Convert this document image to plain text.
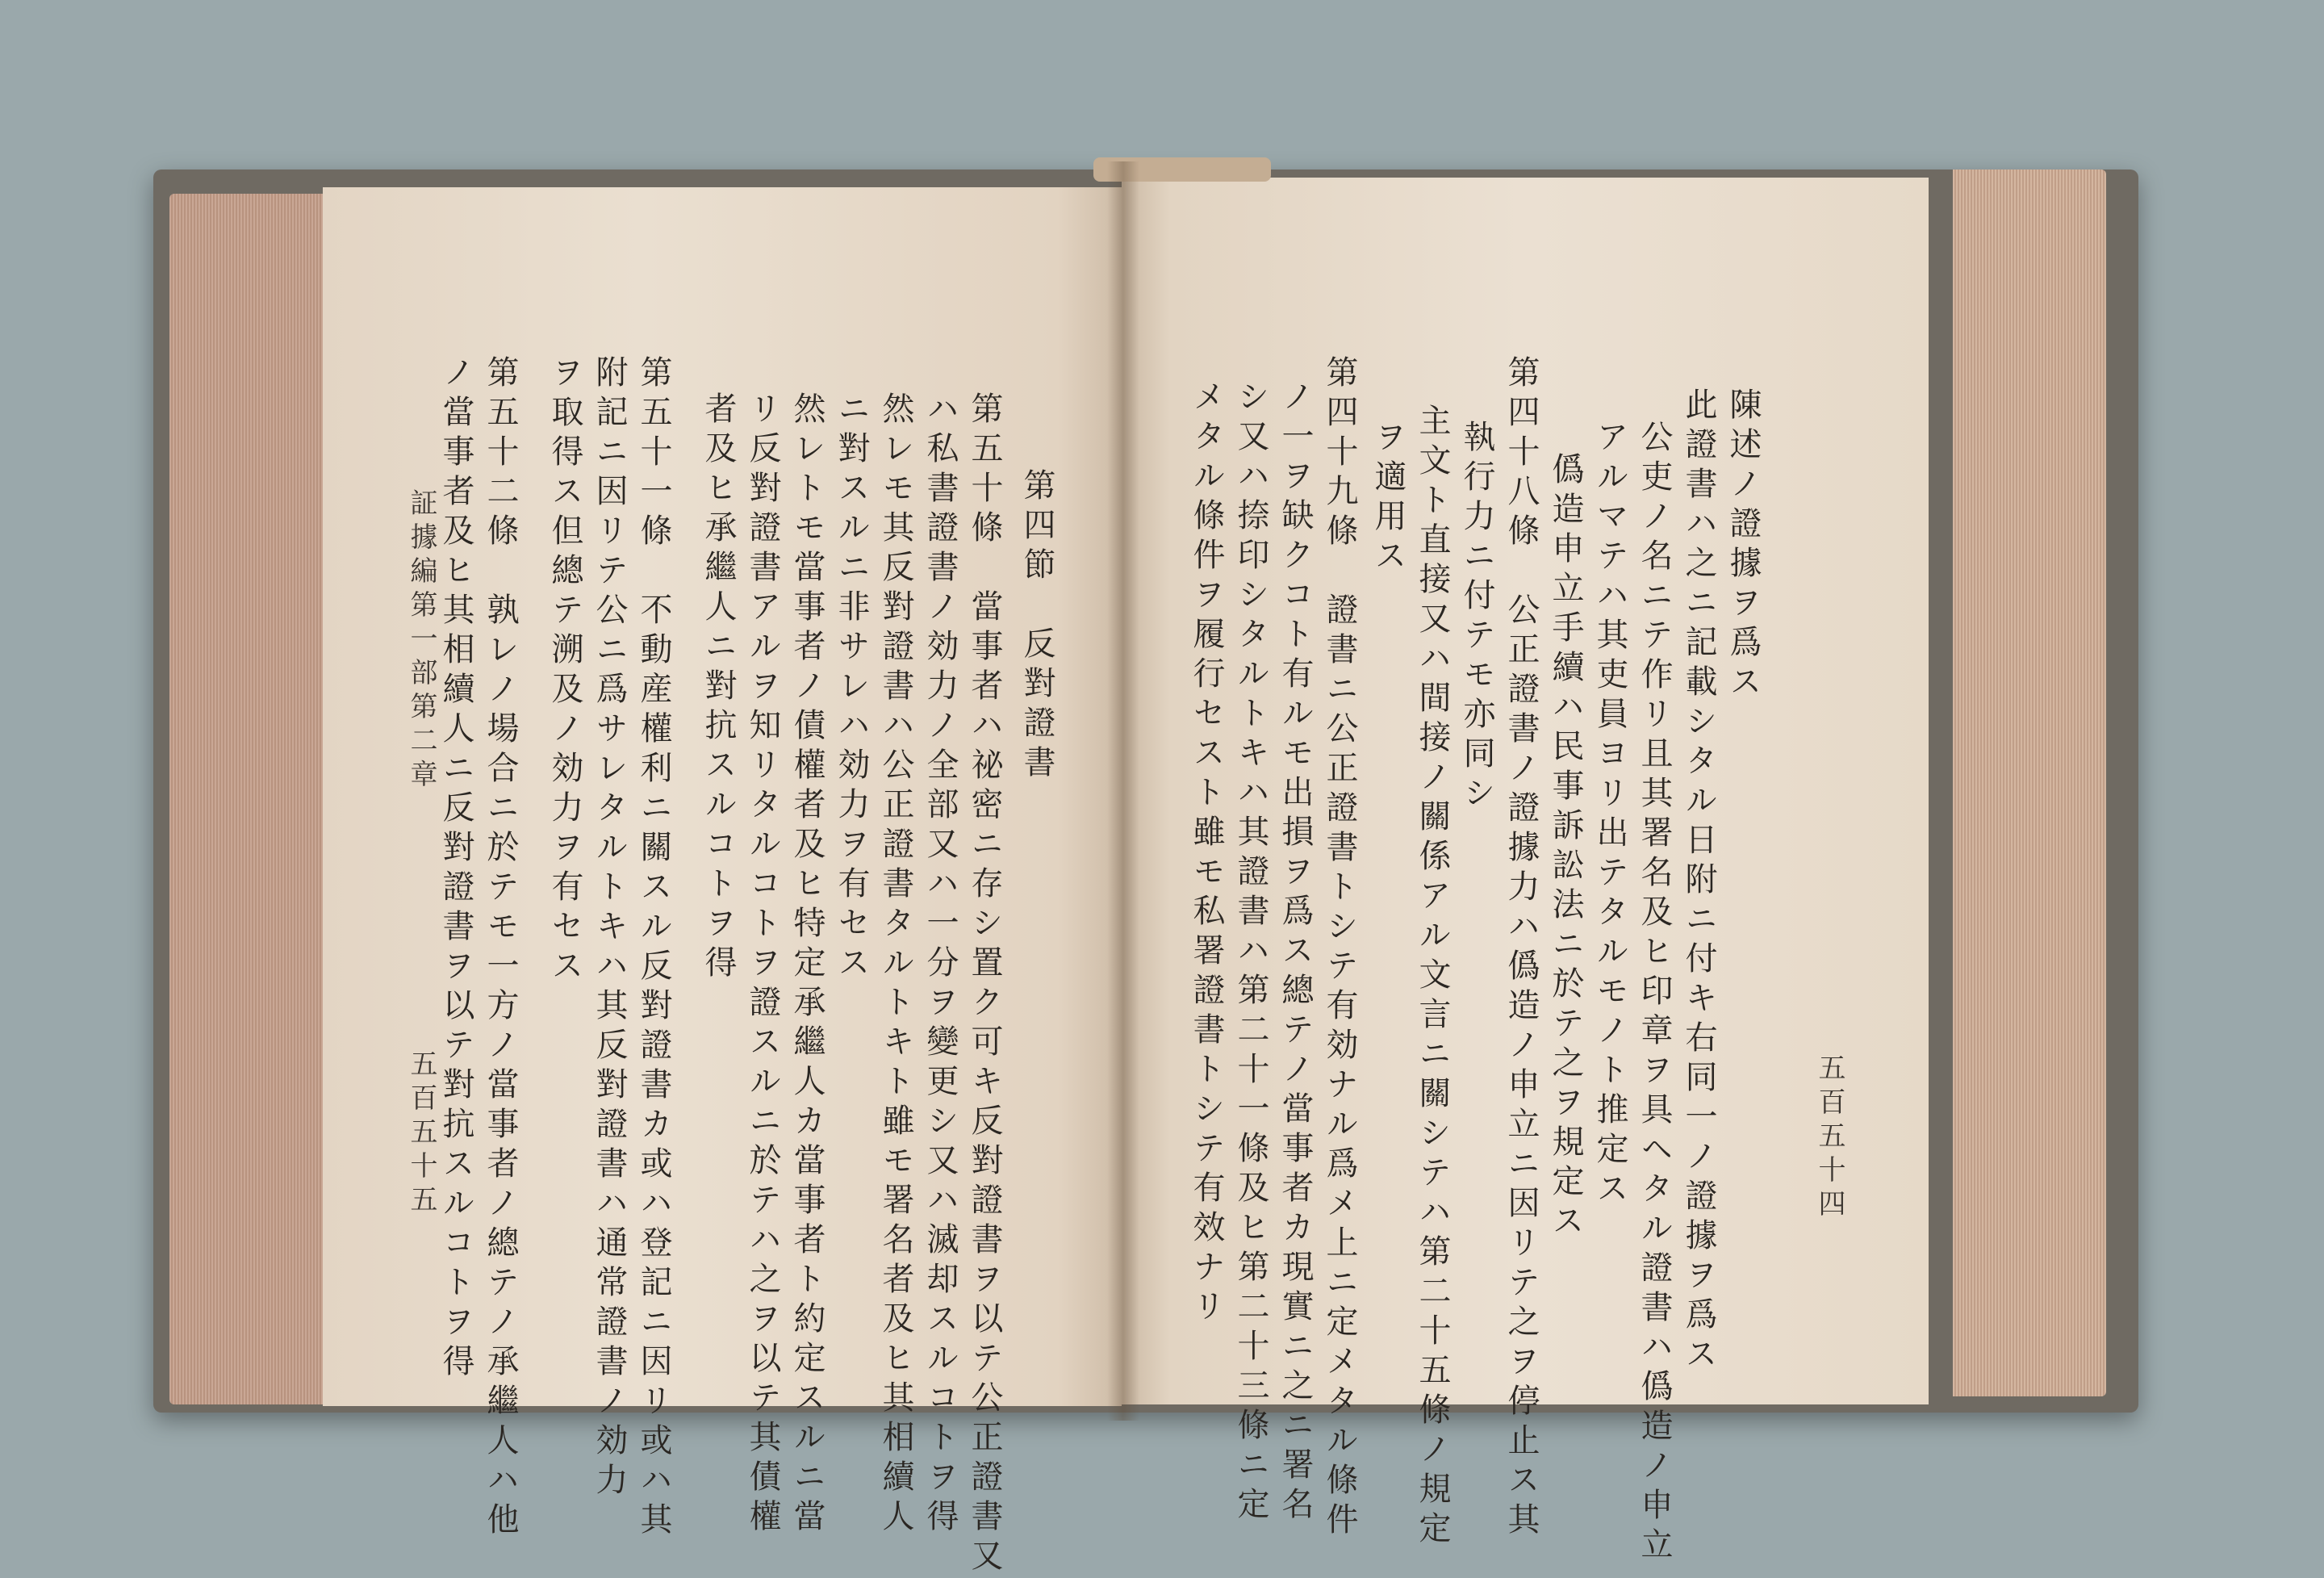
第四節　反對證書
第五十條　當事者ハ祕密ニ存シ置ク可キ反對證書ヲ以テ公正證書又
ハ私書證書ノ効力ノ全部又ハ一分ヲ變更シ又ハ滅却スルコトヲ得
然レモ其反對證書ハ公正證書タルトキト雖モ署名者及ヒ其相續人
ニ對スルニ非サレハ効力ヲ有セス
然レトモ當事者ノ債權者及ヒ特定承繼人カ當事者ト約定スルニ當
リ反對證書アルヲ知リタルコトヲ證スルニ於テハ之ヲ以テ其債權
者及ヒ承繼人ニ對抗スルコトヲ得
第五十一條　不動産權利ニ關スル反對證書カ或ハ登記ニ因リ或ハ其
附記ニ因リテ公ニ爲サレタルトキハ其反對證書ハ通常證書ノ効力
ヲ取得ス但總テ溯及ノ効力ヲ有セス
第五十二條　孰レノ場合ニ於テモ一方ノ當事者ノ總テノ承繼人ハ他
ノ當事者及ヒ其相續人ニ反對證書ヲ以テ對抗スルコトヲ得	陳述ノ證據ヲ爲ス
此證書ハ之ニ記載シタル日附ニ付キ右同一ノ證據ヲ爲ス
公吏ノ名ニテ作リ且其署名及ヒ印章ヲ具ヘタル證書ハ僞造ノ申立
アルマテハ其吏員ヨリ出テタルモノト推定ス
僞造申立手續ハ民事訴訟法ニ於テ之ヲ規定ス
第四十八條　公正證書ノ證據力ハ僞造ノ申立ニ因リテ之ヲ停止ス其
執行力ニ付テモ亦同シ
主文ト直接又ハ間接ノ關係アル文言ニ關シテハ第二十五條ノ規定
ヲ適用ス
第四十九條　證書ニ公正證書トシテ有効ナル爲メ上ニ定メタル條件
ノ一ヲ缺クコト有ルモ出損ヲ爲ス總テノ當事者カ現實ニ之ニ署名
シ又ハ捺印シタルトキハ其證書ハ第二十一條及ヒ第二十三條ニ定
メタル條件ヲ履行セスト雖モ私署證書トシテ有效ナリ
証據編第一部第二章
五百五十五	五百五十四
